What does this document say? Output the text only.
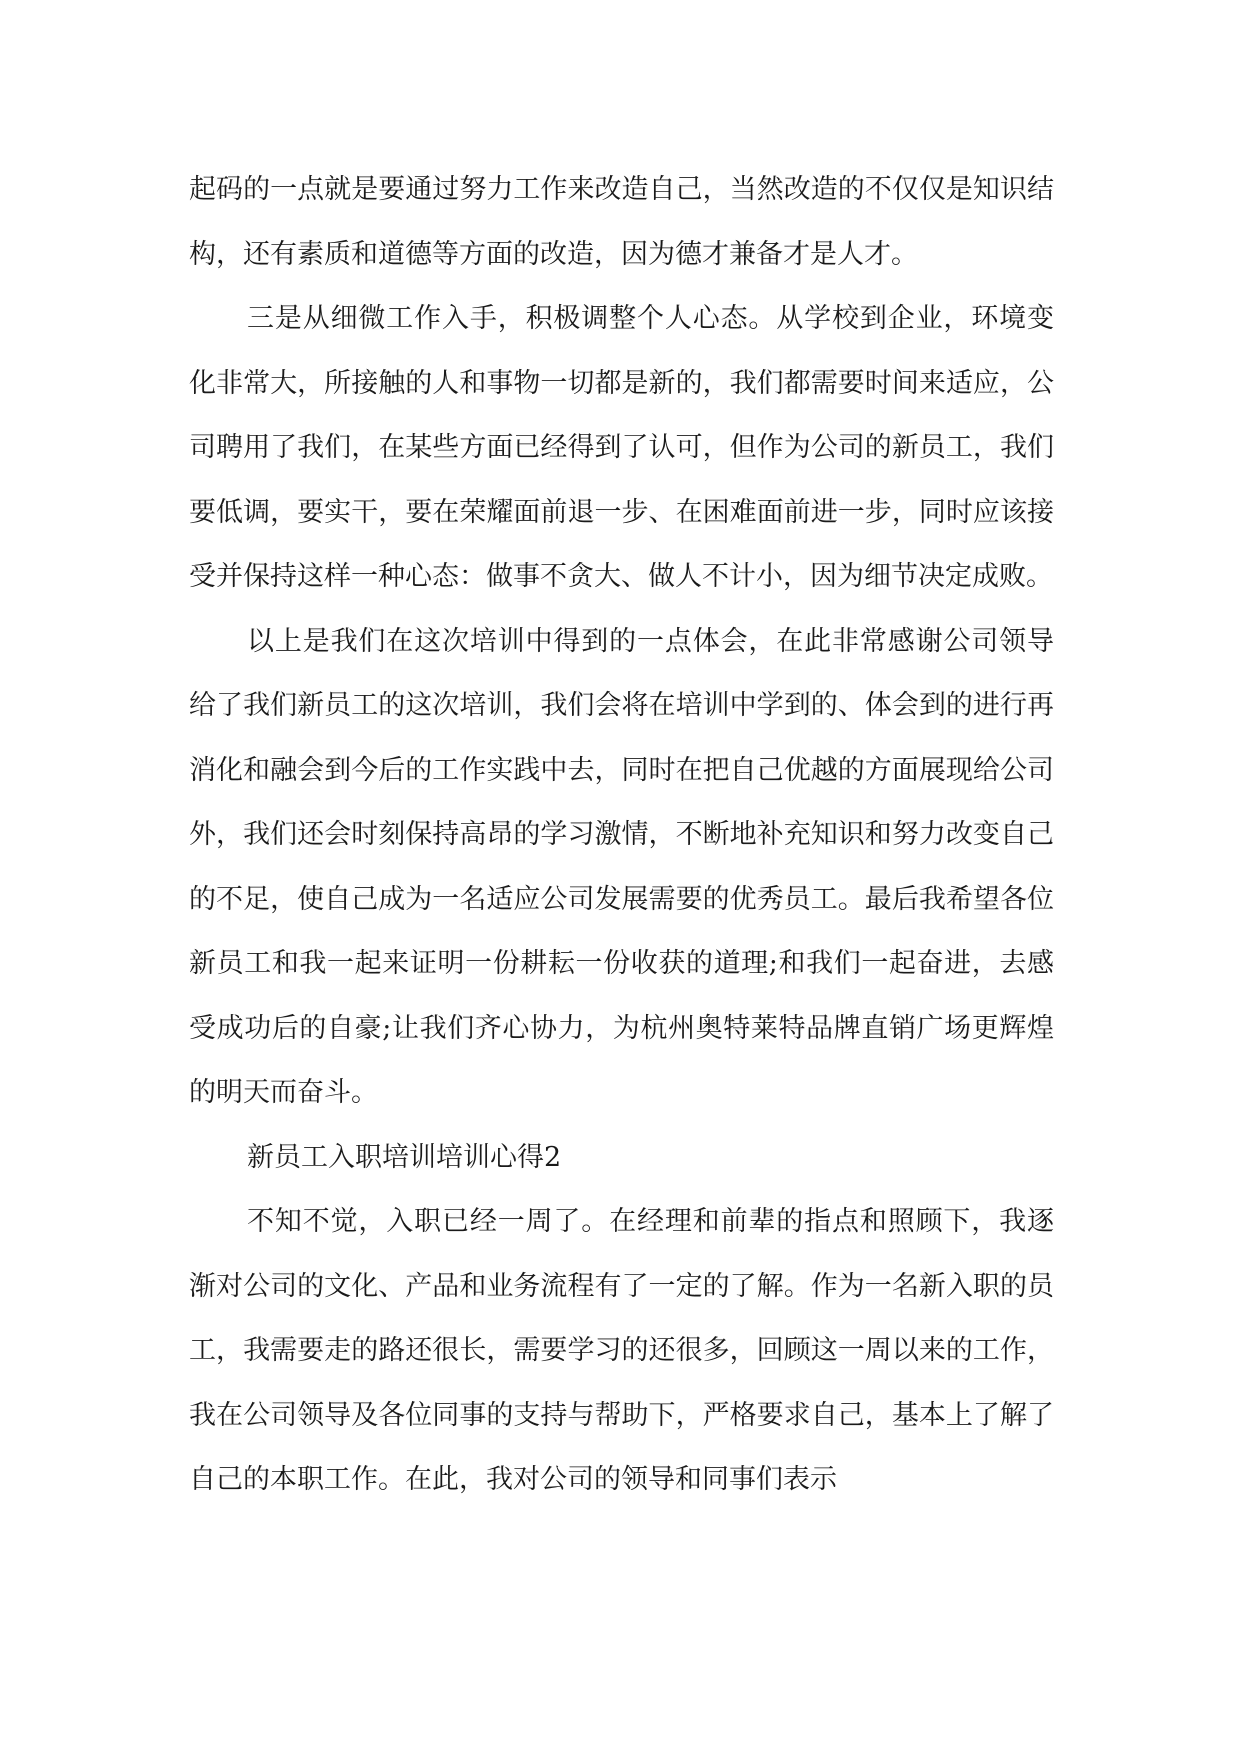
起码的一点就是要通过努力工作来改造自己，当然改造的不仅仅是知识结构，还有素质和道德等方面的改造，因为德才兼备才是人才。

三是从细微工作入手，积极调整个人心态。从学校到企业，环境变化非常大，所接触的人和事物一切都是新的，我们都需要时间来适应，公司聘用了我们，在某些方面已经得到了认可，但作为公司的新员工，我们要低调，要实干，要在荣耀面前退一步、在困难面前进一步，同时应该接受并保持这样一种心态：做事不贪大、做人不计小，因为细节决定成败。

以上是我们在这次培训中得到的一点体会，在此非常感谢公司领导给了我们新员工的这次培训，我们会将在培训中学到的、体会到的进行再消化和融会到今后的工作实践中去，同时在把自己优越的方面展现给公司外，我们还会时刻保持高昂的学习激情，不断地补充知识和努力改变自己的不足，使自己成为一名适应公司发展需要的优秀员工。最后我希望各位新员工和我一起来证明一份耕耘一份收获的道理;和我们一起奋进，去感受成功后的自豪;让我们齐心协力，为杭州奥特莱特品牌直销广场更辉煌的明天而奋斗。

新员工入职培训培训心得2

不知不觉，入职已经一周了。在经理和前辈的指点和照顾下，我逐渐对公司的文化、产品和业务流程有了一定的了解。作为一名新入职的员工，我需要走的路还很长，需要学习的还很多，回顾这一周以来的工作，我在公司领导及各位同事的支持与帮助下，严格要求自己，基本上了解了自己的本职工作。在此，我对公司的领导和同事们表示
